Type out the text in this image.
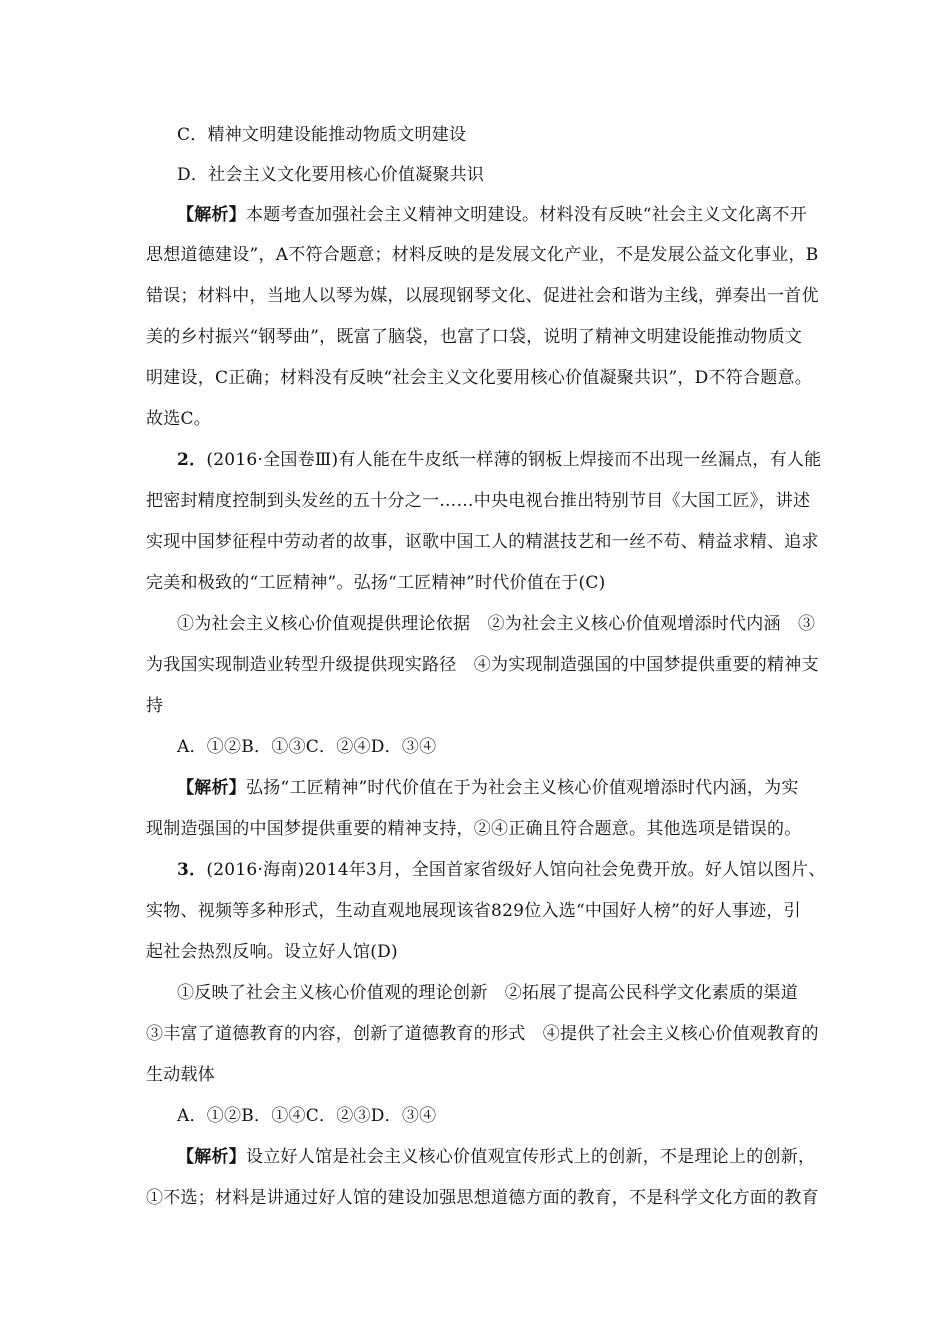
C．精神文明建设能推动物质文明建设
D．社会主义文化要用核心价值凝聚共识
【解析】本题考查加强社会主义精神文明建设。材料没有反映“社会主义文化离不开
思想道德建设”，A不符合题意；材料反映的是发展文化产业，不是发展公益文化事业，B
错误；材料中，当地人以琴为媒，以展现钢琴文化、促进社会和谐为主线，弹奏出一首优
美的乡村振兴“钢琴曲”，既富了脑袋，也富了口袋，说明了精神文明建设能推动物质文
明建设，C正确；材料没有反映“社会主义文化要用核心价值凝聚共识”，D不符合题意。
故选C。
2．(2016·全国卷Ⅲ)有人能在牛皮纸一样薄的钢板上焊接而不出现一丝漏点，有人能
把密封精度控制到头发丝的五十分之一……中央电视台推出特别节目《大国工匠》，讲述
实现中国梦征程中劳动者的故事，讴歌中国工人的精湛技艺和一丝不苟、精益求精、追求
完美和极致的“工匠精神”。弘扬“工匠精神”时代价值在于(C)
①为社会主义核心价值观提供理论依据　②为社会主义核心价值观增添时代内涵　③
为我国实现制造业转型升级提供现实路径　④为实现制造强国的中国梦提供重要的精神支
持
A．①②B．①③C．②④D．③④
【解析】弘扬“工匠精神”时代价值在于为社会主义核心价值观增添时代内涵，为实
现制造强国的中国梦提供重要的精神支持，②④正确且符合题意。其他选项是错误的。
3．(2016·海南)2014年3月，全国首家省级好人馆向社会免费开放。好人馆以图片、
实物、视频等多种形式，生动直观地展现该省829位入选“中国好人榜”的好人事迹，引
起社会热烈反响。设立好人馆(D)
①反映了社会主义核心价值观的理论创新　②拓展了提高公民科学文化素质的渠道
③丰富了道德教育的内容，创新了道德教育的形式　④提供了社会主义核心价值观教育的
生动载体
A．①②B．①④C．②③D．③④
【解析】设立好人馆是社会主义核心价值观宣传形式上的创新，不是理论上的创新，
①不选；材料是讲通过好人馆的建设加强思想道德方面的教育，不是科学文化方面的教育
